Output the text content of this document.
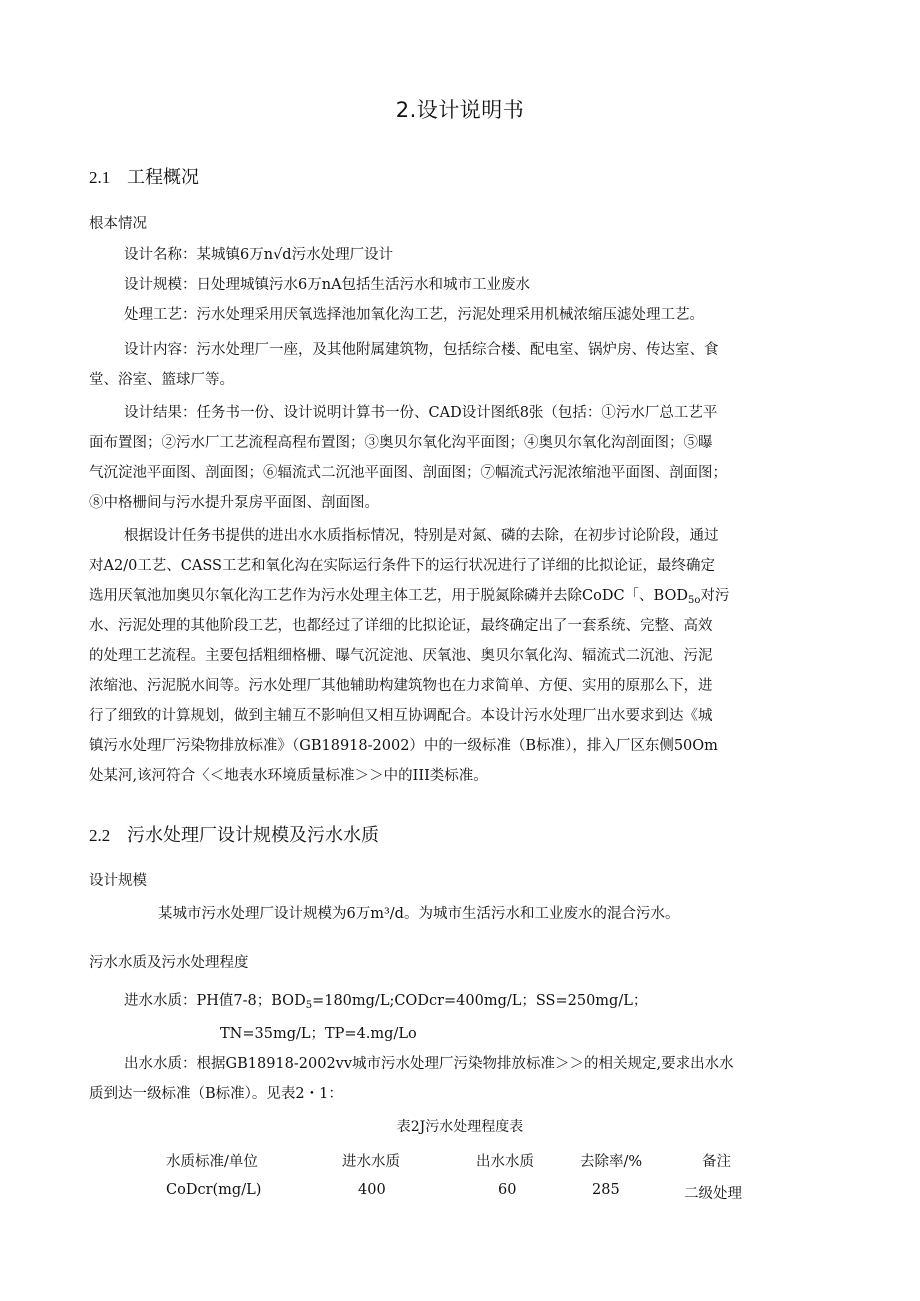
2.设计说明书
2.1 工程概况
根本情况
设计名称：某城镇6万n√d污水处理厂设计
设计规模：日处理城镇污水6万nA包括生活污水和城市工业废水
处理工艺：污水处理采用厌氧选择池加氧化沟工艺，污泥处理采用机械浓缩压滤处理工艺。
设计内容：污水处理厂一座，及其他附属建筑物，包括综合楼、配电室、锅炉房、传达室、食
堂、浴室、篮球厂等。
设计结果：任务书一份、设计说明计算书一份、CAD设计图纸8张（包括：①污水厂总工艺平
面布置图；②污水厂工艺流程高程布置图；③奥贝尔氧化沟平面图；④奥贝尔氧化沟剖面图；⑤曝
气沉淀池平面图、剖面图；⑥辐流式二沉池平面图、剖面图；⑦幅流式污泥浓缩池平面图、剖面图；
⑧中格栅间与污水提升泵房平面图、剖面图。
根据设计任务书提供的进出水水质指标情况，特别是对氮、磷的去除，在初步讨论阶段，通过
对A2/0工艺、CASS工艺和氧化沟在实际运行条件下的运行状况进行了详细的比拟论证，最终确定
选用厌氧池加奥贝尔氧化沟工艺作为污水处理主体工艺，用于脱氮除磷并去除CoDC「、$BOD_{5o}$对污
水、污泥处理的其他阶段工艺，也都经过了详细的比拟论证，最终确定出了一套系统、完整、高效
的处理工艺流程。主要包括粗细格栅、曝气沉淀池、厌氧池、奥贝尔氧化沟、辐流式二沉池、污泥
浓缩池、污泥脱水间等。污水处理厂其他辅助构建筑物也在力求简单、方便、实用的原那么下，进
行了细致的计算规划，做到主辅互不影响但又相互协调配合。本设计污水处理厂出水要求到达《城
镇污水处理厂污染物排放标准》（GB18918-2002）中的一级标准（B标准），排入厂区东侧50Om
处某河,该河符合〈＜地表水环境质量标准＞＞中的III类标准。
2.2 污水处理厂设计规模及污水水质
设计规模
某城市污水处理厂设计规模为6万m³/d。为城市生活污水和工业废水的混合污水。
污水水质及污水处理程度
进水水质：PH值7-8；$BOD_5=180mg/L;CODcr=400mg/L$；SS=250mg/L；
TN=35mg/L；TP=4.mg/Lo
出水水质：根据GB18918-2002vv城市污水处理厂污染物排放标准＞＞的相关规定,要求出水水
质到达一级标准（B标准）。见表2・1：
表2J污水处理程度表
水质标准/单位	进水水质	出水水质	去除率/%	备注
CoDcr(mg/L)	400	60	285	二级处理
